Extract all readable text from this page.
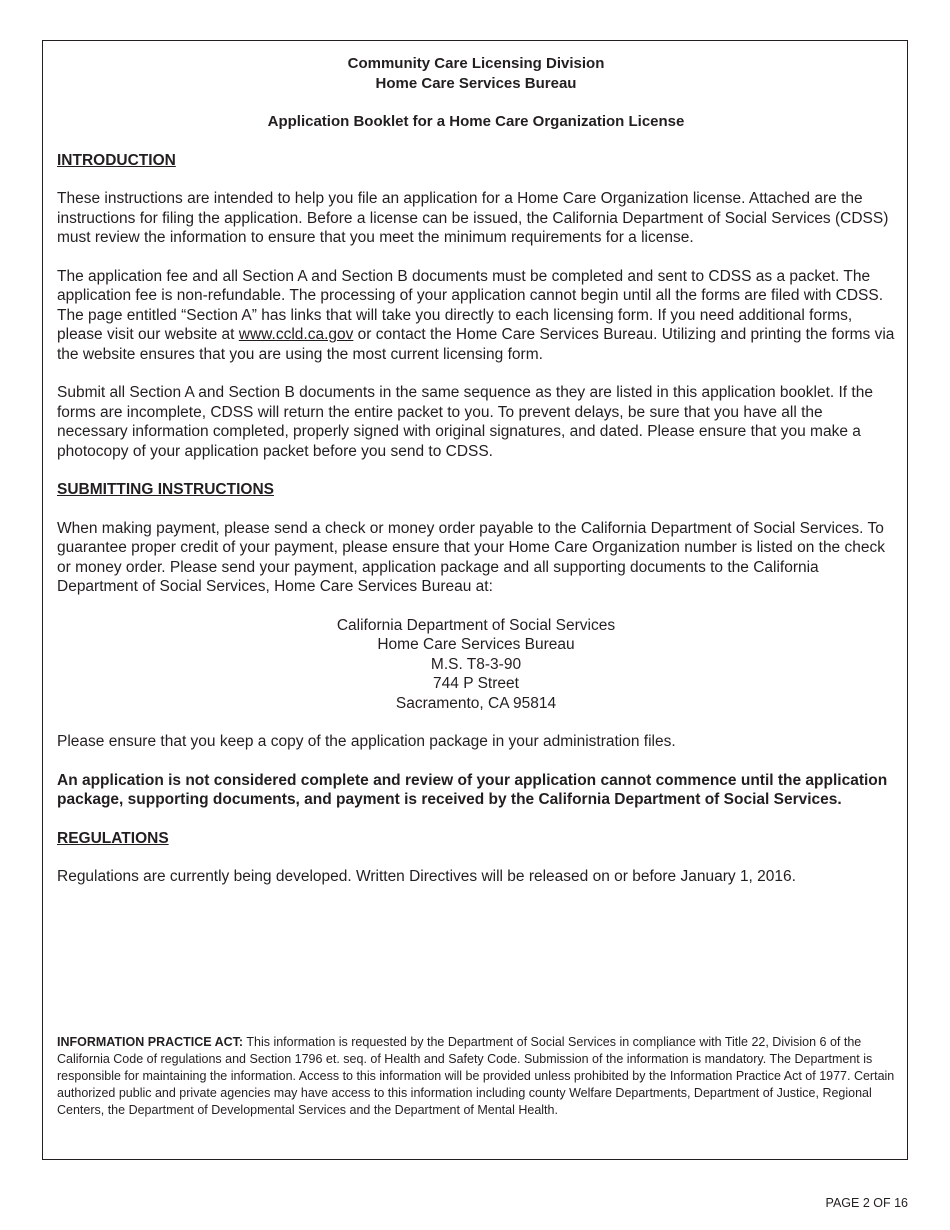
Community Care Licensing Division
Home Care Services Bureau
Application Booklet for a Home Care Organization License
INTRODUCTION

These instructions are intended to help you file an application for a Home Care Organization license. Attached are the instructions for filing the application. Before a license can be issued, the California Department of Social Services (CDSS) must review the information to ensure that you meet the minimum requirements for a license.

The application fee and all Section A and Section B documents must be completed and sent to CDSS as a packet. The application fee is non-refundable. The processing of your application cannot begin until all the forms are filed with CDSS. The page entitled “Section A” has links that will take you directly to each licensing form. If you need additional forms, please visit our website at www.ccld.ca.gov or contact the Home Care Services Bureau. Utilizing and printing the forms via the website ensures that you are using the most current licensing form.

Submit all Section A and Section B documents in the same sequence as they are listed in this application booklet. If the forms are incomplete, CDSS will return the entire packet to you. To prevent delays, be sure that you have all the necessary information completed, properly signed with original signatures, and dated. Please ensure that you make a photocopy of your application packet before you send to CDSS.

SUBMITTING INSTRUCTIONS

When making payment, please send a check or money order payable to the California Department of Social Services. To guarantee proper credit of your payment, please ensure that your Home Care Organization number is listed on the check or money order. Please send your payment, application package and all supporting documents to the California Department of Social Services, Home Care Services Bureau at:

California Department of Social Services
Home Care Services Bureau
M.S. T8-3-90
744 P Street
Sacramento, CA 95814

Please ensure that you keep a copy of the application package in your administration files.

An application is not considered complete and review of your application cannot commence until the application package, supporting documents, and payment is received by the California Department of Social Services.

REGULATIONS

Regulations are currently being developed. Written Directives will be released on or before January 1, 2016.

INFORMATION PRACTICE ACT: This information is requested by the Department of Social Services in compliance with Title 22, Division 6 of the California Code of regulations and Section 1796 et. seq. of Health and Safety Code. Submission of the information is mandatory. The Department is responsible for maintaining the information. Access to this information will be provided unless prohibited by the Information Practice Act of 1977. Certain authorized public and private agencies may have access to this information including county Welfare Departments, Department of Justice, Regional Centers, the Department of Developmental Services and the Department of Mental Health.
PAGE 2 OF 16
